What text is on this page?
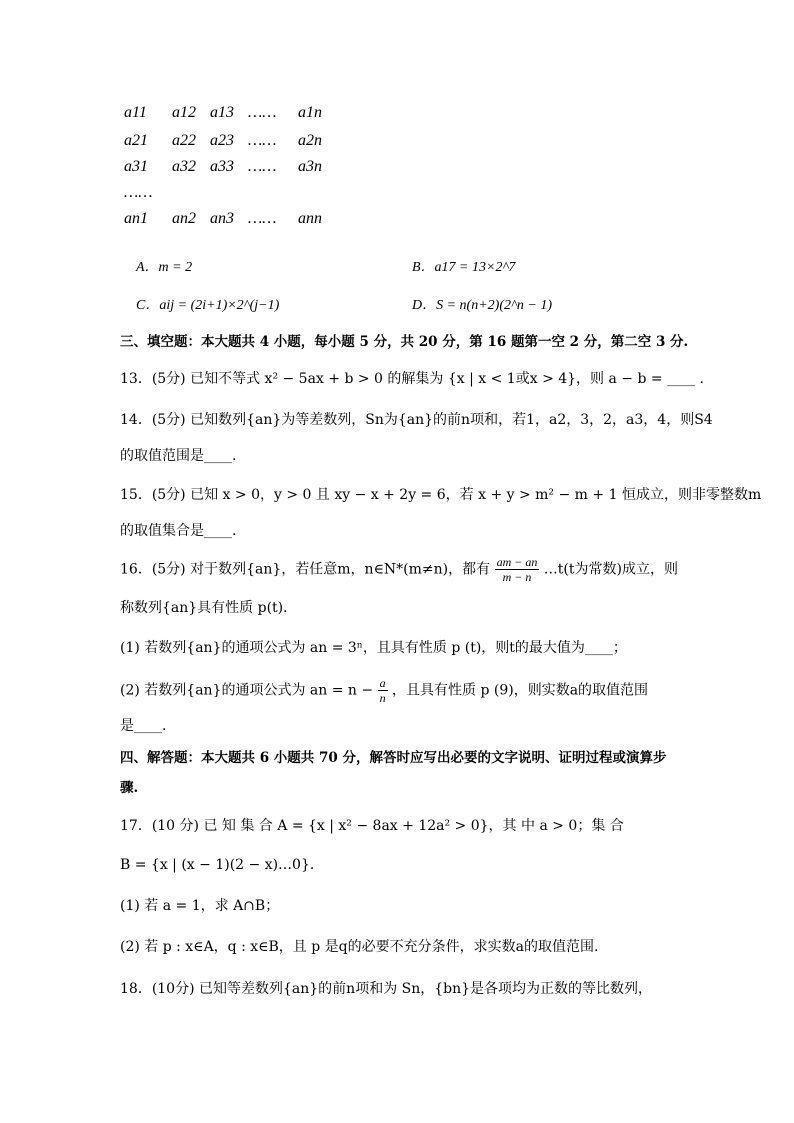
a11 a12 a13 …… a1n
a21 a22 a23 …… a2n
a31 a32 a33 …… a3n
……
an1 an2 an3 …… ann
A．m = 2	B．a17 = 13×2^7
C．aij = (2i+1)×2^(j−1)	D．S = n(n+2)(2^n − 1)
三、填空题：本大题共 4 小题，每小题 5 分，共 20 分，第 16 题第一空 2 分，第二空 3 分.
13．(5分) 已知不等式 x² − 5ax + b > 0 的解集为 {x | x < 1或x > 4}，则 a − b = ____ .
14．(5分) 已知数列{an}为等差数列，Sn为{an}的前n项和，若1，a2，3，2，a3，4，则S4
的取值范围是____.
15．(5分) 已知 x > 0，y > 0 且 xy − x + 2y = 6，若 x + y > m² − m + 1 恒成立，则非零整数m
的取值集合是____.
16．(5分) 对于数列{an}，若任意m，n∈N*(m≠n)，都有 $\frac{am - an}{m - n}$ …t(t为常数)成立，则
称数列{an}具有性质 p(t)．
(1) 若数列{an}的通项公式为 an = 3ⁿ，且具有性质 p (t)，则t的最大值为____；
(2) 若数列{an}的通项公式为 an = $n - \frac{a}{n}$ ，且具有性质 p (9)，则实数a的取值范围
是____.
四、解答题：本大题共 6 小题共 70 分，解答时应写出必要的文字说明、证明过程或演算步
骤.
17．(10 分) 已 知 集 合 A = {x | x² − 8ax + 12a² > 0}，其 中 a > 0；集 合
B = {x | (x − 1)(2 − x)…0}．
(1) 若 a = 1，求 A∩B；
(2) 若 p : x∈A，q : x∈B，且 p 是q的必要不充分条件，求实数a的取值范围.
18．(10分) 已知等差数列{an}的前n项和为 Sn，{bn}是各项均为正数的等比数列，
